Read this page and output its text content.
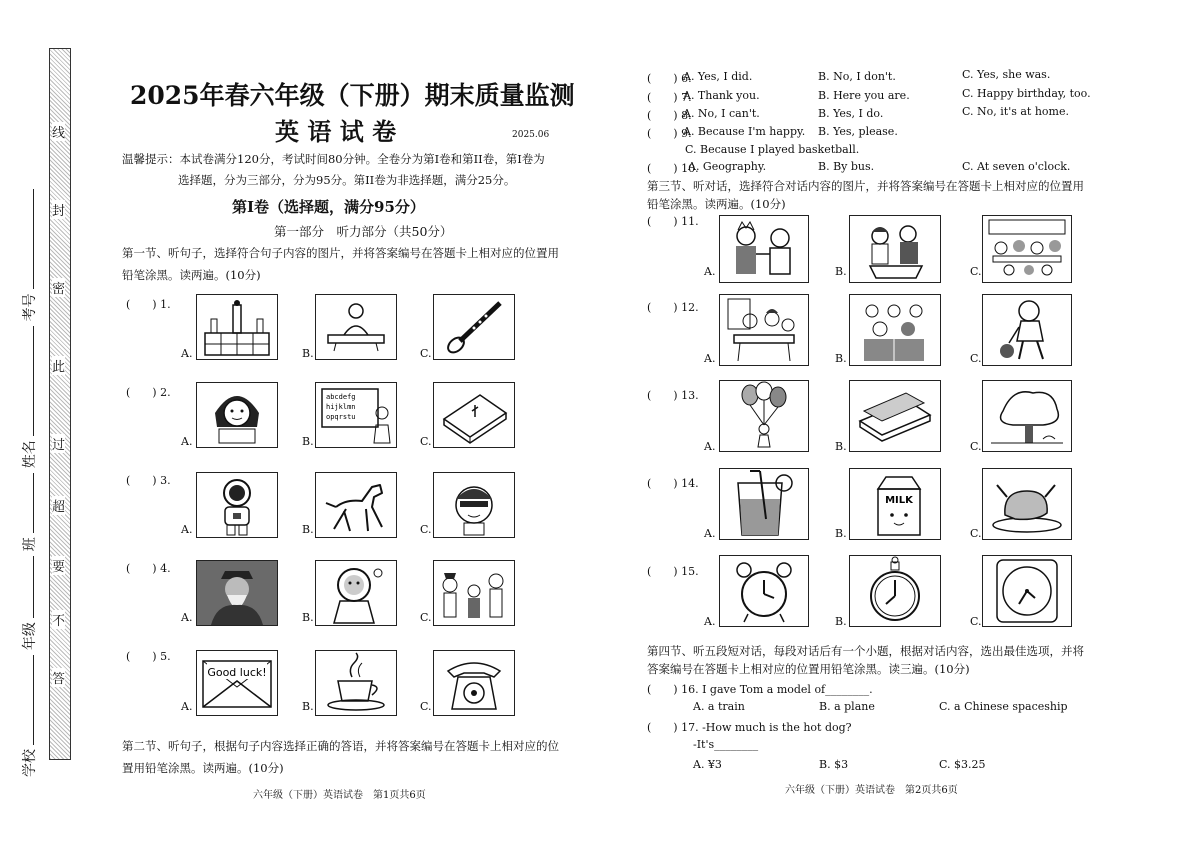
线
封
密
此
过
超
要
不
答
学校  年级  班  姓名  考号
2025年春六年级（下册）期末质量监测
英 语 试 卷	2025.06
温馨提示：本试卷满分120分，考试时间80分钟。全卷分为第I卷和第II卷，第I卷为
选择题，分为三部分，分为95分。第II卷为非选择题，满分25分。
第I卷（选择题，满分95分）
第一部分　听力部分（共50分）
第一节、听句子，选择符合句子内容的图片，并将答案编号在答题卡上相对应的位置用
铅笔涂黑。读两遍。(10分)
(　　) 1.
A.	B.	C.
(　　) 2.
A.	B.
abcdefg
hijklmn
opqrstu
C.
(　　) 3.
A.	B.	C.
(　　) 4.
A.	B.	C.
(　　) 5.
A.
Good luck!
B.	C.
第二节、听句子，根据句子内容选择正确的答语，并将答案编号在答题卡上相对应的位
置用铅笔涂黑。读两遍。(10分)
六年级（下册）英语试卷　第1页共6页
(　　) 6.
A. Yes, I did.	B. No, I don't.	C. Yes, she was.
(　　) 7.
A. Thank you.	B. Here you are.	C. Happy birthday, too.
(　　) 8.
A. No, I can't.	B. Yes, I do.	C. No, it's at home.
(　　) 9.
A. Because I'm happy. B. Yes, please.
C. Because I played basketball.
(　　) 10.
A. Geography.	B. By bus.	C. At seven o'clock.
第三节、听对话，选择符合对话内容的图片，并将答案编号在答题卡上相对应的位置用
铅笔涂黑。读两遍。(10分)
(　　) 11.
A.	B.	C.
(　　) 12.
A.	B.	C.
(　　) 13.
A.	B.	C.
(　　) 14.
A.	B.
MILK
C.
(　　) 15.
A.	B.	C.
第四节、听五段短对话，每段对话后有一个小题，根据对话内容，选出最佳选项，并将
答案编号在答题卡上相对应的位置用铅笔涂黑。读三遍。(10分)
(　　) 16. I gave Tom a model of________.
A. a train	B. a plane	C. a Chinese spaceship
(　　) 17. -How much is the hot dog?
-It's________
A. ¥3	B. $3	C. $3.25
六年级（下册）英语试卷　第2页共6页
